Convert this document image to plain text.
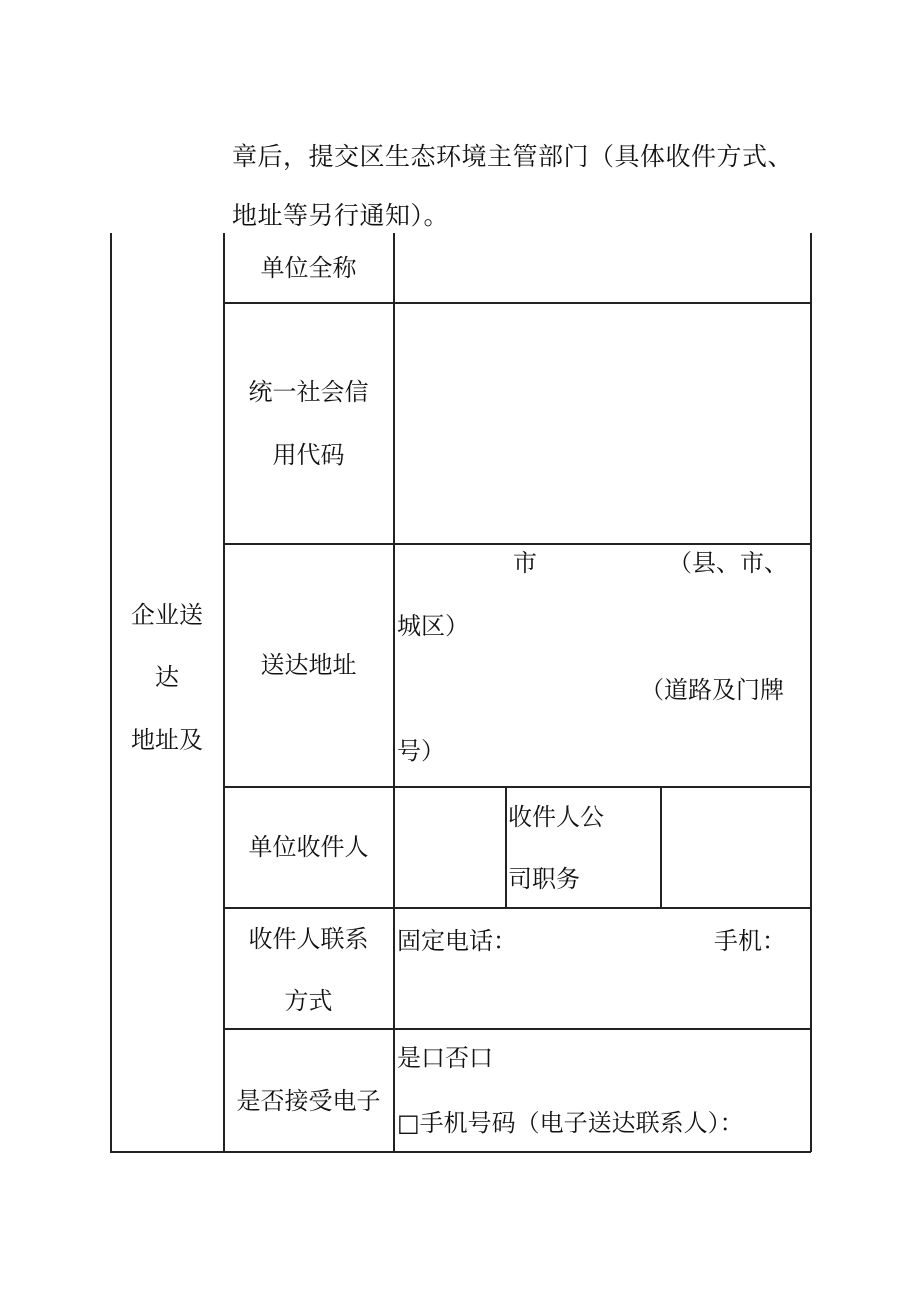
章后，提交区生态环境主管部门（具体收件方式、
地址等另行通知）。
企业送
达
地址及
单位全称
统一社会信
用代码
送达地址
市	（县、市、
城区）
（道路及门牌
号）
单位收件人
收件人公
司职务
收件人联系
方式
固定电话：	手机：
是否接受电子
是口否口
□手机号码（电子送达联系人）：
